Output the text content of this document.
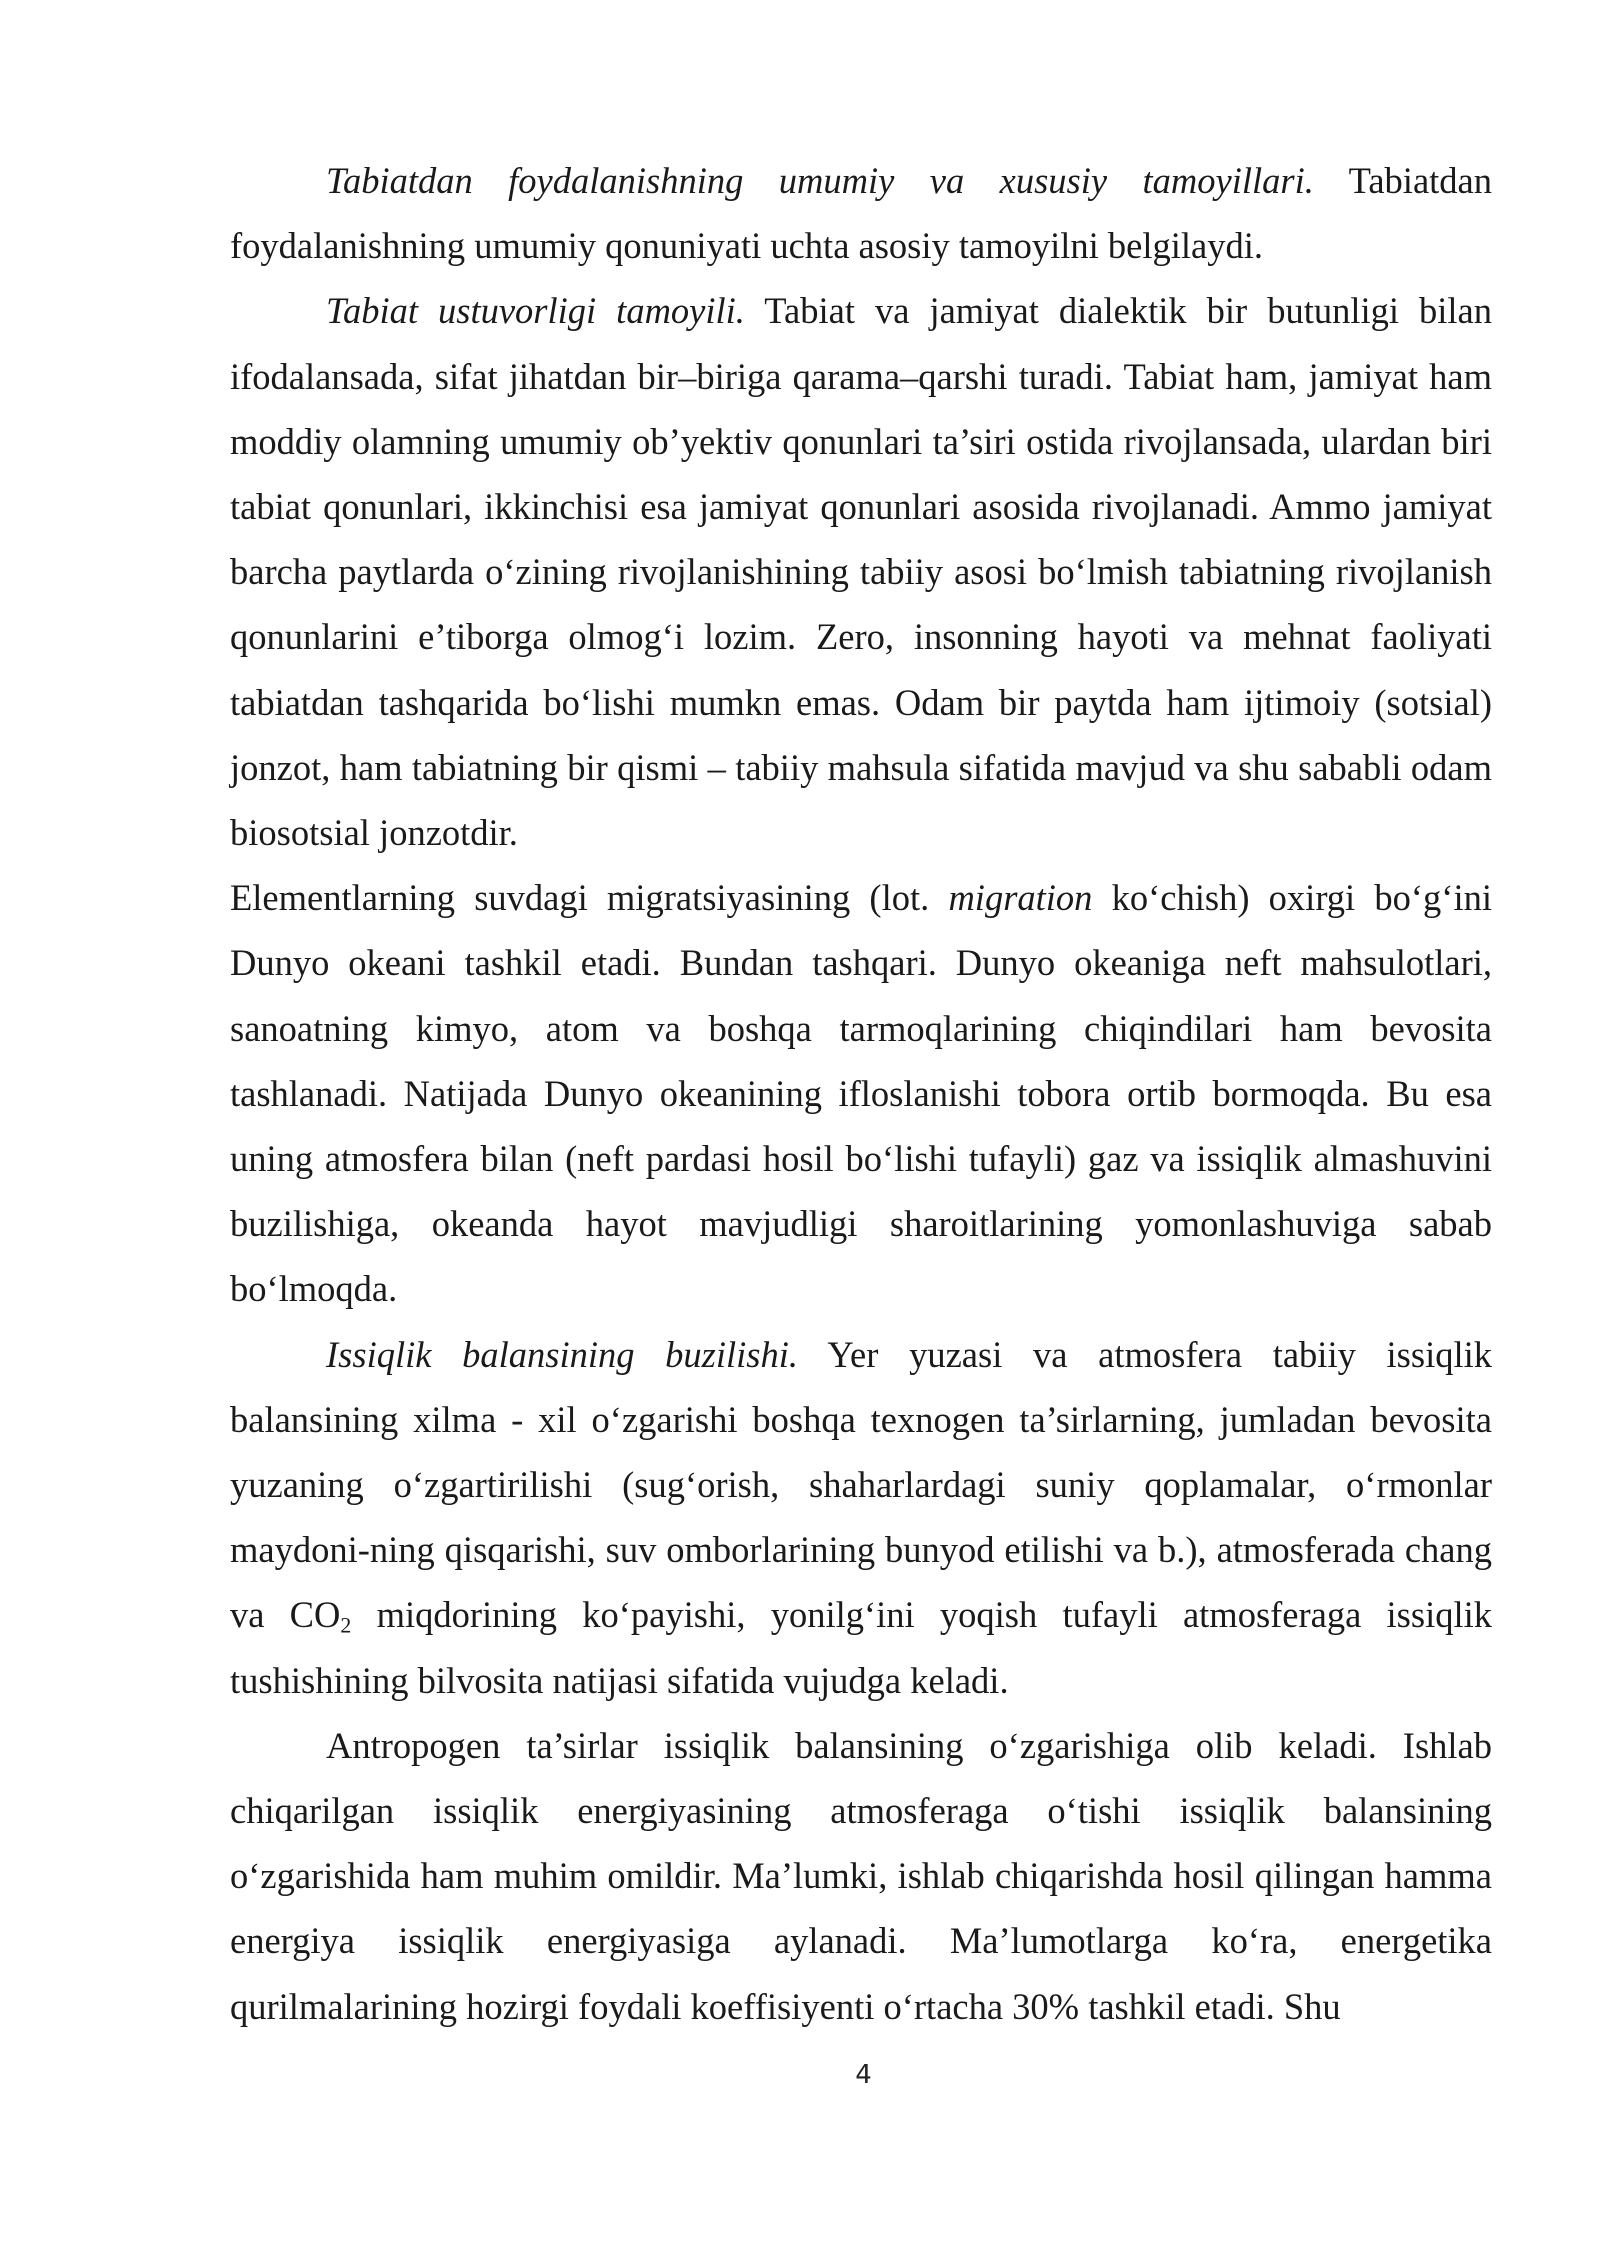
Tabiatdan foydalanishning umumiy va xususiy tamoyillari. Tabiatdan foydalanishning umumiy qonuniyati uchta asosiy tamoyilni belgilaydi.

Tabiat ustuvorligi tamoyili. Tabiat va jamiyat dialektik bir butunligi bilan ifodalansada, sifat jihatdan bir–biriga qarama–qarshi turadi. Tabiat ham, jamiyat ham moddiy olamning umumiy ob’yektiv qonunlari ta’siri ostida rivojlansada, ulardan biri tabiat qonunlari, ikkinchisi esa jamiyat qonunlari asosida rivojlanadi. Ammo jamiyat barcha paytlarda o‘zining rivojlanishining tabiiy asosi bo‘lmish tabiatning rivojlanish qonunlarini e’tiborga olmog‘i lozim. Zero, insonning hayoti va mehnat faoliyati tabiatdan tashqarida bo‘lishi mumkn emas. Odam bir paytda ham ijtimoiy (sotsial) jonzot, ham tabiatning bir qismi – tabiiy mahsula sifatida mavjud va shu sababli odam biosotsial jonzotdir.

Elementlarning suvdagi migratsiyasining (lot. migration ko‘chish) oxirgi bo‘g‘ini Dunyo okeani tashkil etadi. Bundan tashqari. Dunyo okeaniga neft mahsulotlari, sanoatning kimyo, atom va boshqa tarmoqlarining chiqindilari ham bevosita tashlanadi. Natijada Dunyo okeanining ifloslanishi tobora ortib bormoqda. Bu esa uning atmosfera bilan (neft pardasi hosil bo‘lishi tufayli) gaz va issiqlik almashuvini buzilishiga, okeanda hayot mavjudligi sharoitlarining yomonlashuviga sabab bo‘lmoqda.

Issiqlik balansining buzilishi. Yer yuzasi va atmosfera tabiiy issiqlik balansining xilma - xil o‘zgarishi boshqa texnogen ta’sirlarning, jumladan bevosita yuzaning o‘zgartirilishi (sug‘orish, shaharlardagi suniy qoplamalar, o‘rmonlar maydoni-ning qisqarishi, suv omborlarining bunyod etilishi va b.), atmosferada chang va $CO_2$ miqdorining ko‘payishi, yonilg‘ini yoqish tufayli atmosferaga issiqlik tushishining bilvosita natijasi sifatida vujudga keladi.

Antropogen ta’sirlar issiqlik balansining o‘zgarishiga olib keladi. Ishlab chiqarilgan issiqlik energiyasining atmosferaga o‘tishi issiqlik balansining o‘zgarishida ham muhim omildir. Ma’lumki, ishlab chiqarishda hosil qilingan hamma energiya issiqlik energiyasiga aylanadi. Ma’lumotlarga ko‘ra, energetika qurilmalarining hozirgi foydali koeffisiyenti o‘rtacha 30% tashkil etadi. Shu

4
